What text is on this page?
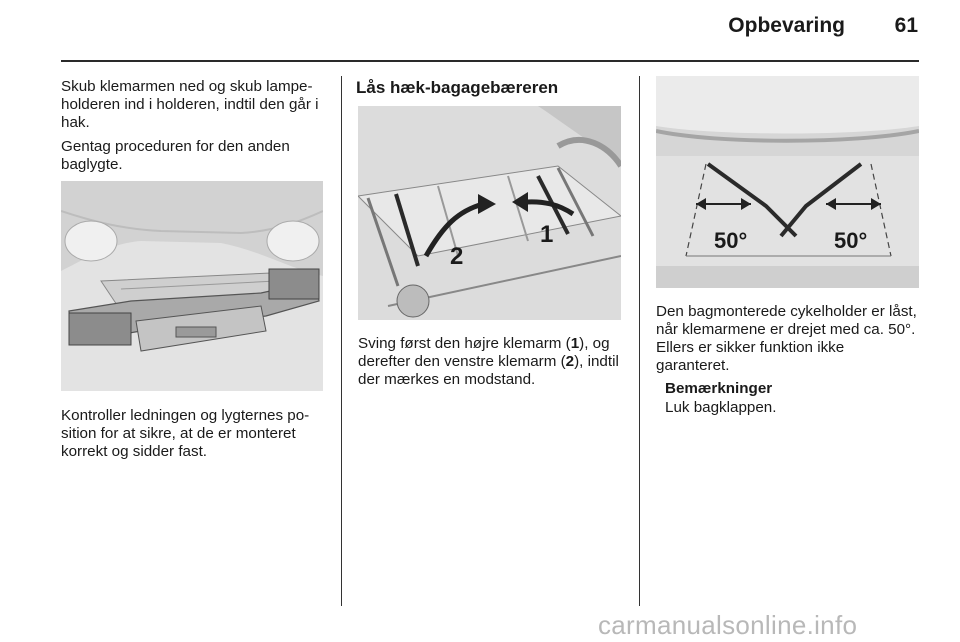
Opbevaring	61

Skub klemarmen ned og skub lampeholderen ind i holderen, indtil den går i hak.

Gentag proceduren for den anden baglygte.

Kontroller ledningen og lygternes position for at sikre, at de er monteret korrekt og sidder fast.

Lås hæk-bagagebæreren
1
2

Sving først den højre klemarm (1), og derefter den venstre klemarm (2), indtil der mærkes en modstand.

50°	50°

Den bagmonterede cykelholder er låst, når klemarmene er drejet med ca. 50°. Ellers er sikker funktion ikke garanteret.

Bemærkninger

Luk bagklappen.

carmanualsonline.info
